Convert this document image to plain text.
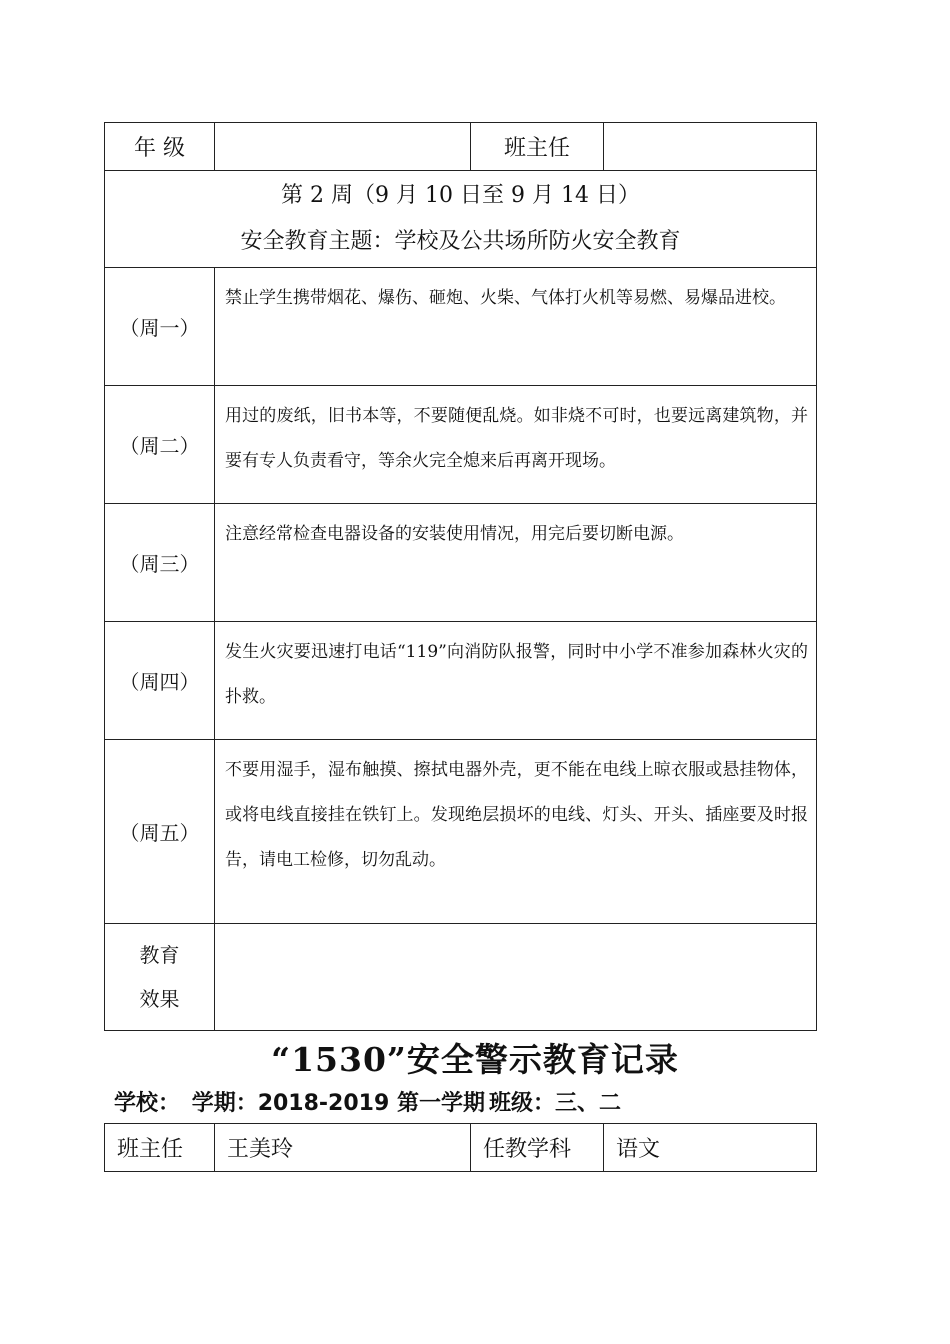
年 级		班主任	

第 2 周（9 月 10 日至 9 月 14 日）
安全教育主题：学校及公共场所防火安全教育			

（周一）	禁止学生携带烟花、爆伤、砸炮、火柴、气体打火机等易燃、易爆品进校。		
（周二）	用过的废纸，旧书本等，不要随便乱烧。如非烧不可时，也要远离建筑物，并要有专人负责看守，等余火完全熄来后再离开现场。		
（周三）	注意经常检查电器设备的安装使用情况，用完后要切断电源。		
（周四）	发生火灾要迅速打电话“119”向消防队报警，同时中小学不准参加森林火灾的扑救。		
（周五）	不要用湿手，湿布触摸、擦拭电器外壳，更不能在电线上晾衣服或悬挂物体，或将电线直接挂在铁钉上。发现绝层损坏的电线、灯头、开头、插座要及时报告，请电工检修，切勿乱动。		

教育
效果			

“1530”安全警示教育记录
学校： 学期：2018-2019 第一学期 班级：三、二
班主任	王美玲	任教学科	语文
